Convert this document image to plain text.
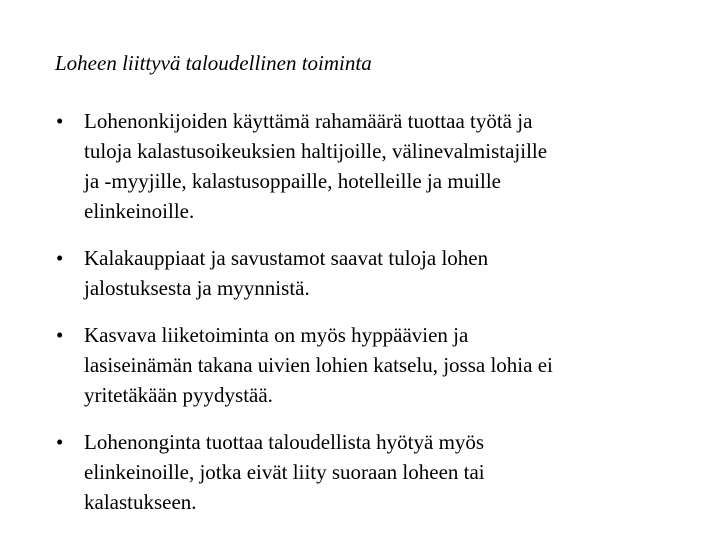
Loheen liittyvä taloudellinen toiminta
• Lohenonkijoiden käyttämä rahamäärä tuottaa työtä ja
tuloja kalastusoikeuksien haltijoille, välinevalmistajille
ja -myyjille, kalastusoppaille, hotelleille ja muille
elinkeinoille.
• Kalakauppiaat ja savustamot saavat tuloja lohen
jalostuksesta ja myynnistä.
• Kasvava liiketoiminta on myös hyppäävien ja
lasiseinämän takana uivien lohien katselu, jossa lohia ei
yritetäkään pyydystää.
• Lohenonginta tuottaa taloudellista hyötyä myös
elinkeinoille, jotka eivät liity suoraan loheen tai
kalastukseen.
